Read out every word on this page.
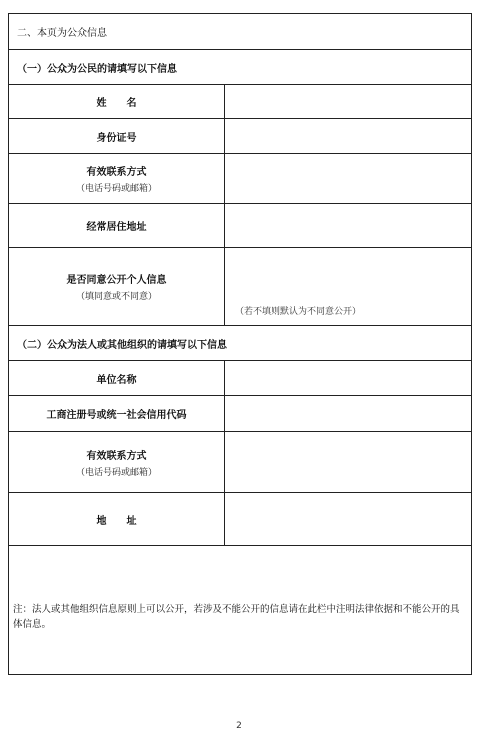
二、本页为公众信息
（一）公众为公民的请填写以下信息
姓　　名
身份证号
有效联系方式
（电话号码或邮箱）
经常居住地址
是否同意公开个人信息
（填同意或不同意）
（若不填则默认为不同意公开）
（二）公众为法人或其他组织的请填写以下信息
单位名称
工商注册号或统一社会信用代码
有效联系方式
（电话号码或邮箱）
地　　址
注：法人或其他组织信息原则上可以公开，若涉及不能公开的信息请在此栏中注明法律依据和不能公开的具体信息。
2
